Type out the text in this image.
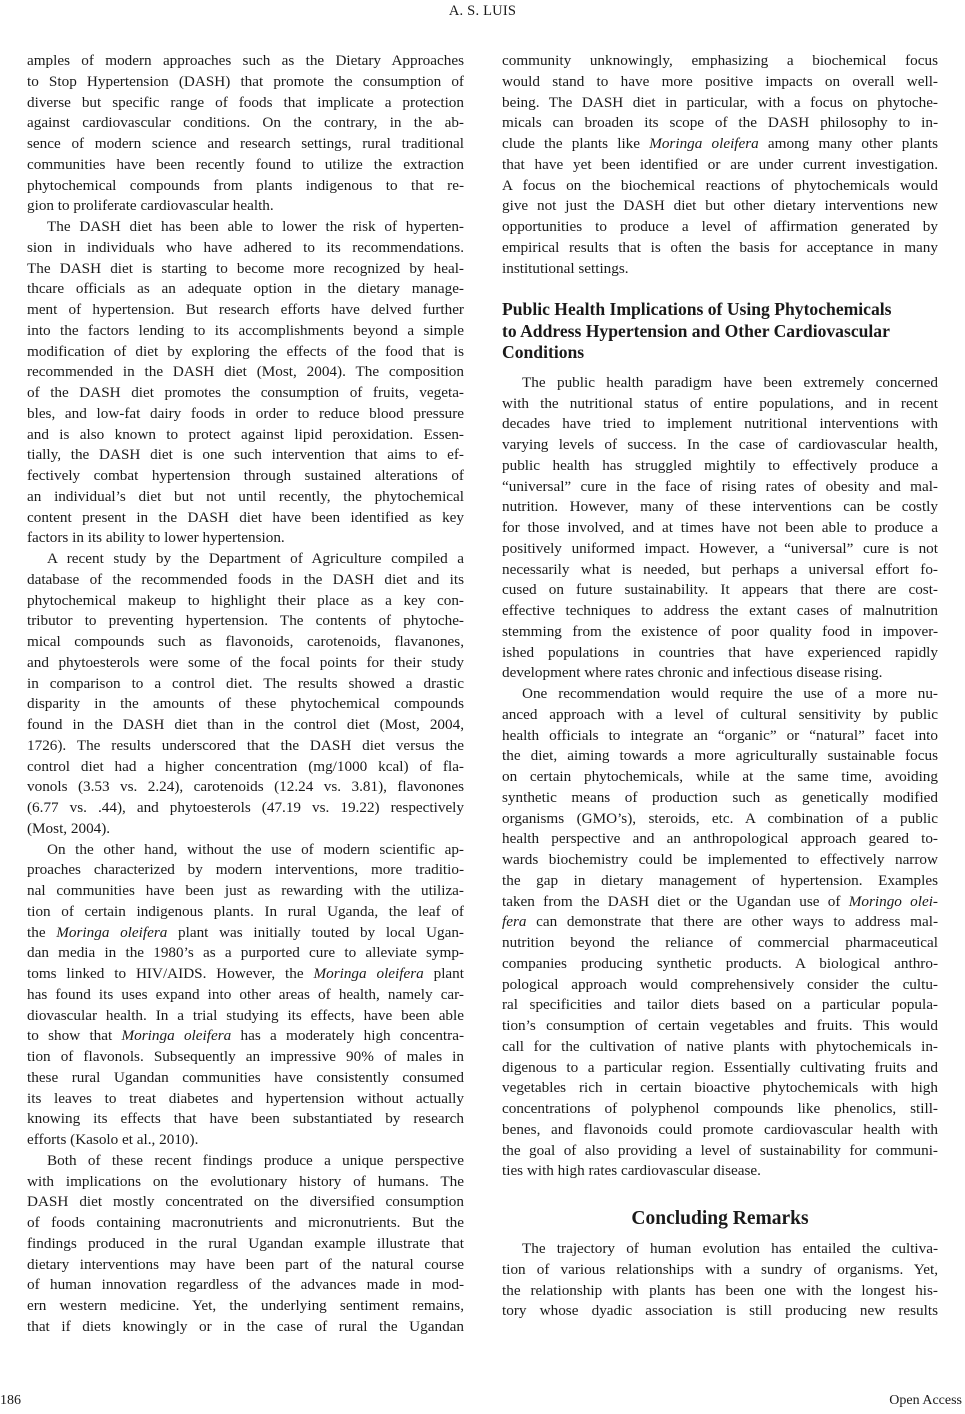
A. S. LUIS
amples of modern approaches such as the Dietary Approaches
to Stop Hypertension (DASH) that promote the consumption of
diverse but specific range of foods that implicate a protection
against cardiovascular conditions. On the contrary, in the ab-
sence of modern science and research settings, rural traditional
communities have been recently found to utilize the extraction
phytochemical compounds from plants indigenous to that re-
gion to proliferate cardiovascular health.
The DASH diet has been able to lower the risk of hyperten-
sion in individuals who have adhered to its recommendations.
The DASH diet is starting to become more recognized by heal-
thcare officials as an adequate option in the dietary manage-
ment of hypertension. But research efforts have delved further
into the factors lending to its accomplishments beyond a simple
modification of diet by exploring the effects of the food that is
recommended in the DASH diet (Most, 2004). The composition
of the DASH diet promotes the consumption of fruits, vegeta-
bles, and low-fat dairy foods in order to reduce blood pressure
and is also known to protect against lipid peroxidation. Essen-
tially, the DASH diet is one such intervention that aims to ef-
fectively combat hypertension through sustained alterations of
an individual’s diet but not until recently, the phytochemical
content present in the DASH diet have been identified as key
factors in its ability to lower hypertension.
A recent study by the Department of Agriculture compiled a
database of the recommended foods in the DASH diet and its
phytochemical makeup to highlight their place as a key con-
tributor to preventing hypertension. The contents of phytoche-
mical compounds such as flavonoids, carotenoids, flavanones,
and phytoesterols were some of the focal points for their study
in comparison to a control diet. The results showed a drastic
disparity in the amounts of these phytochemical compounds
found in the DASH diet than in the control diet (Most, 2004,
1726). The results underscored that the DASH diet versus the
control diet had a higher concentration (mg/1000 kcal) of fla-
vonols (3.53 vs. 2.24), carotenoids (12.24 vs. 3.81), flavonones
(6.77 vs. .44), and phytoesterols (47.19 vs. 19.22) respectively
(Most, 2004).
On the other hand, without the use of modern scientific ap-
proaches characterized by modern interventions, more traditio-
nal communities have been just as rewarding with the utiliza-
tion of certain indigenous plants. In rural Uganda, the leaf of
the Moringa oleifera plant was initially touted by local Ugan-
dan media in the 1980’s as a purported cure to alleviate symp-
toms linked to HIV/AIDS. However, the Moringa oleifera plant
has found its uses expand into other areas of health, namely car-
diovascular health. In a trial studying its effects, have been able
to show that Moringa oleifera has a moderately high concentra-
tion of flavonols. Subsequently an impressive 90% of males in
these rural Ugandan communities have consistently consumed
its leaves to treat diabetes and hypertension without actually
knowing its effects that have been substantiated by research
efforts (Kasolo et al., 2010).
Both of these recent findings produce a unique perspective
with implications on the evolutionary history of humans. The
DASH diet mostly concentrated on the diversified consumption
of foods containing macronutrients and micronutrients. But the
findings produced in the rural Ugandan example illustrate that
dietary interventions may have been part of the natural course
of human innovation regardless of the advances made in mod-
ern western medicine. Yet, the underlying sentiment remains,
that if diets knowingly or in the case of rural the Ugandan
community unknowingly, emphasizing a biochemical focus
would stand to have more positive impacts on overall well-
being. The DASH diet in particular, with a focus on phytoche-
micals can broaden its scope of the DASH philosophy to in-
clude the plants like Moringa oleifera among many other plants
that have yet been identified or are under current investigation.
A focus on the biochemical reactions of phytochemicals would
give not just the DASH diet but other dietary interventions new
opportunities to produce a level of affirmation generated by
empirical results that is often the basis for acceptance in many
institutional settings.
Public Health Implications of Using Phytochemicals
to Address Hypertension and Other Cardiovascular
Conditions
The public health paradigm have been extremely concerned
with the nutritional status of entire populations, and in recent
decades have tried to implement nutritional interventions with
varying levels of success. In the case of cardiovascular health,
public health has struggled mightily to effectively produce a
“universal” cure in the face of rising rates of obesity and mal-
nutrition. However, many of these interventions can be costly
for those involved, and at times have not been able to produce a
positively uniformed impact. However, a “universal” cure is not
necessarily what is needed, but perhaps a universal effort fo-
cused on future sustainability. It appears that there are cost-
effective techniques to address the extant cases of malnutrition
stemming from the existence of poor quality food in impover-
ished populations in countries that have experienced rapidly
development where rates chronic and infectious disease rising.
One recommendation would require the use of a more nu-
anced approach with a level of cultural sensitivity by public
health officials to integrate an “organic” or “natural” facet into
the diet, aiming towards a more agriculturally sustainable focus
on certain phytochemicals, while at the same time, avoiding
synthetic means of production such as genetically modified
organisms (GMO’s), steroids, etc. A combination of a public
health perspective and an anthropological approach geared to-
wards biochemistry could be implemented to effectively narrow
the gap in dietary management of hypertension. Examples
taken from the DASH diet or the Ugandan use of Moringo olei-
fera can demonstrate that there are other ways to address mal-
nutrition beyond the reliance of commercial pharmaceutical
companies producing synthetic products. A biological anthro-
pological approach would comprehensively consider the cultu-
ral specificities and tailor diets based on a particular popula-
tion’s consumption of certain vegetables and fruits. This would
call for the cultivation of native plants with phytochemicals in-
digenous to a particular region. Essentially cultivating fruits and
vegetables rich in certain bioactive phytochemicals with high
concentrations of polyphenol compounds like phenolics, still-
benes, and flavonoids could promote cardiovascular health with
the goal of also providing a level of sustainability for communi-
ties with high rates cardiovascular disease.
Concluding Remarks
The trajectory of human evolution has entailed the cultiva-
tion of various relationships with a sundry of organisms. Yet,
the relationship with plants has been one with the longest his-
tory whose dyadic association is still producing new results
186	Open Access
